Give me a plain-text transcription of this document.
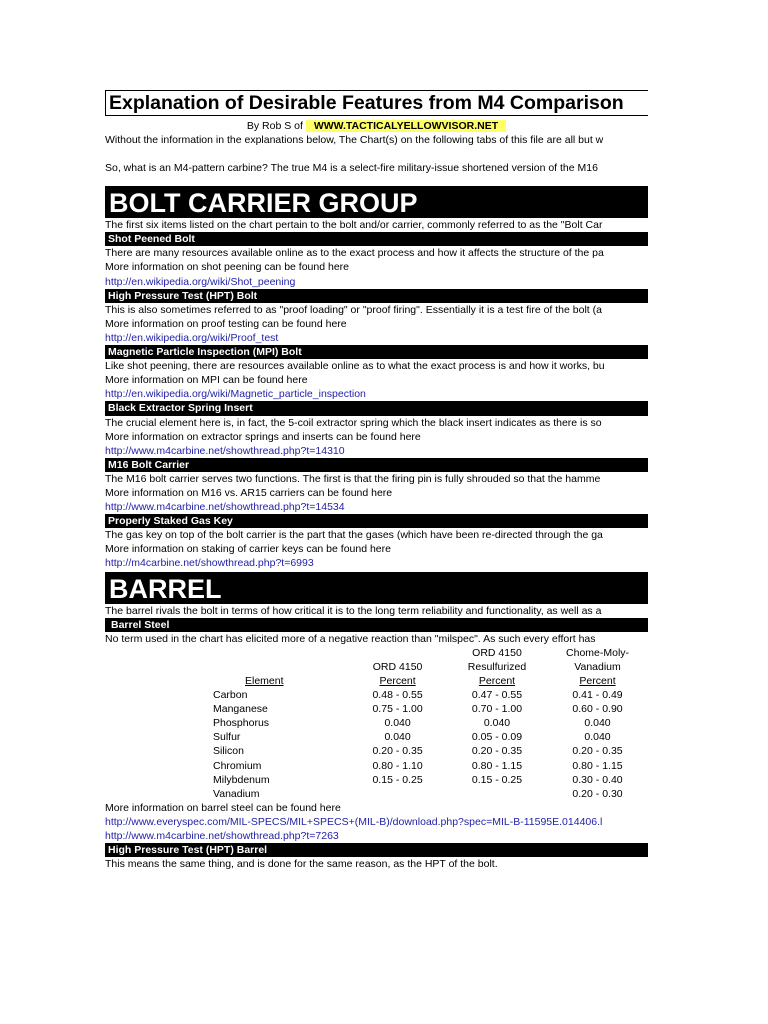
Explanation of Desirable Features from M4 Comparison
By Rob S of WWW.TACTICALYELLOWVISOR.NET
Without the information in the explanations below, The Chart(s) on the following tabs of this file are all but w
So, what is an M4-pattern carbine? The true M4 is a select-fire military-issue shortened version of the M16
BOLT CARRIER GROUP
The first six items listed on the chart pertain to the bolt and/or carrier, commonly referred to as the "Bolt Car
Shot Peened Bolt
There are many resources available online as to the exact process and how it affects the structure of the pa
More information on shot peening can be found here
http://en.wikipedia.org/wiki/Shot_peening
High Pressure Test (HPT) Bolt
This is also sometimes referred to as "proof loading" or "proof firing". Essentially it is a test fire of the bolt (a
More information on proof testing can be found here
http://en.wikipedia.org/wiki/Proof_test
Magnetic Particle Inspection (MPI) Bolt
Like shot peening, there are resources available online as to what the exact process is and how it works, bu
More information on MPI can be found here
http://en.wikipedia.org/wiki/Magnetic_particle_inspection
Black Extractor Spring Insert
The crucial element here is, in fact, the 5-coil extractor spring which the black insert indicates as there is so
More information on extractor springs and inserts can be found here
http://www.m4carbine.net/showthread.php?t=14310
M16 Bolt Carrier
The M16 bolt carrier serves two functions. The first is that the firing pin is fully shrouded so that the hamme
More information on M16 vs. AR15 carriers can be found here
http://www.m4carbine.net/showthread.php?t=14534
Properly Staked Gas Key
The gas key on top of the bolt carrier is the part that the gases (which have been re-directed through the ga
More information on staking of carrier keys can be found here
http://m4carbine.net/showthread.php?t=6993
BARREL
The barrel rivals the bolt in terms of how critical it is to the long term reliability and functionality, as well as a
Barrel Steel
No term used in the chart has elicited more of a negative reaction than "milspec". As such every effort has
		ORD 4150	Chome-Moly-
	ORD 4150	Resulfurized	Vanadium
Element	Percent	Percent	Percent
Carbon	0.48 - 0.55	0.47 - 0.55	0.41 - 0.49
Manganese	0.75 - 1.00	0.70 - 1.00	0.60 - 0.90
Phosphorus	0.040	0.040	0.040
Sulfur	0.040	0.05 - 0.09	0.040
Silicon	0.20 - 0.35	0.20 - 0.35	0.20 - 0.35
Chromium	0.80 - 1.10	0.80 - 1.15	0.80 - 1.15
Milybdenum	0.15 - 0.25	0.15 - 0.25	0.30 - 0.40
Vanadium			0.20 - 0.30
More information on barrel steel can be found here
http://www.everyspec.com/MIL-SPECS/MIL+SPECS+(MIL-B)/download.php?spec=MIL-B-11595E.014406.l
http://www.m4carbine.net/showthread.php?t=7263
High Pressure Test (HPT) Barrel
This means the same thing, and is done for the same reason, as the HPT of the bolt.
